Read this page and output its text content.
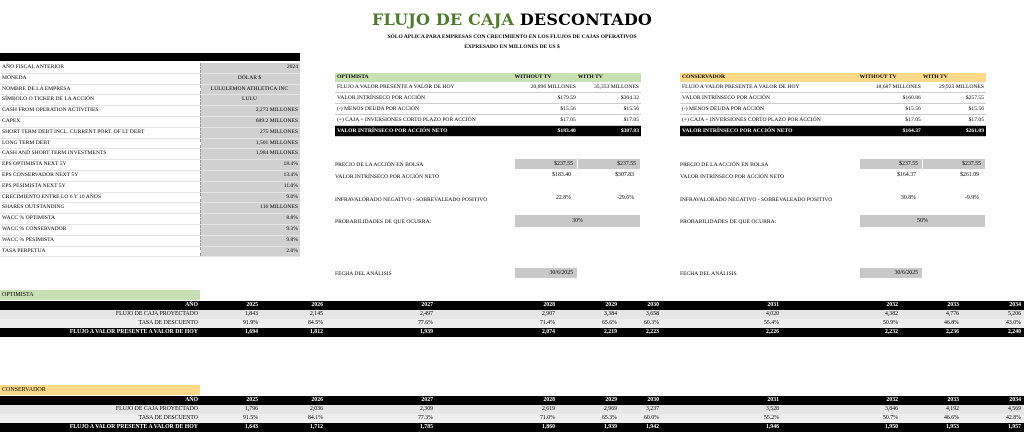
FLUJO DE CAJA DESCONTADO
SÓLO APLICA PARA EMPRESAS CON CRECIMIENTO EN LOS FLUJOS DE CAJAS OPERATIVOS
EXPRESADO EN MILLONES DE US $
AÑO FISCAL ANTERIOR	2024
MONEDA	DÓLAR $
NOMBRE DE LA EMPRESA	LULULEMON ATHLETICA INC
SÍMBOLO O TICKER DE LA ACCIÓN	LULU
CASH FROM OPERATION ACTIVITIES	2,273 MILLONES
CAPEX	689.2 MILLONES
SHORT TERM DEBT INCL. CURRENT PORT. OF LT DEBT	275 MILLONES
LONG TERM DEBT	1,501 MILLONES
CASH AND SHORT TERM INVESTMENTS	1,984 MILLONES
EPS OPTIMISTA NEXT 5Y	18.4%
EPS CONSERVADOR NEXT 5Y	13.4%
EPS PESIMISTA NEXT 5Y	11.0%
CRECIMIENTO ENTRE LO 6 Y 10 AÑOS	9.0%
SHARES OUTSTANDING	116 MILLONES
WACC % OPTIMISTA	8.8%
WACC % CONSERVADOR	9.3%
WACC % PESIMISTA	9.8%
TASA PERPETUA	2.0%
OPTIMISTA	WITHOUT TV	WITH TV
FLUJO A VALOR PRESENTE A VALOR DE HOY	20,896 MILLONES	35,353 MILLONES
VALOR INTRÍNSECO POR ACCIÓN	$179.59	$304.32
(-) MENOS DEUDA POR ACCIÓN	$15.56	$15.56
(+) CAJA + INVERSIONES CORTO PLAZO POR ACCIÓN	$17.05	$17.05
VALOR INTRÍNSECO POR ACCIÓN NETO	$183.40	$307.83
PRECIO DE LA ACCIÓN EN BOLSA	$237.55	$237.55
VALOR INTRÍNSECO POR ACCIÓN NETO	$183.40	$307.83
INFRAVALORADO NEGATIVO - SOBREVALEADO POSITIVO	22.8%	-29.6%
PROBABILIDADES DE QUE OCURRA:	30%
FECHA DEL ANÁLISIS	30/6/2025
CONSERVADOR	WITHOUT TV	WITH TV
FLUJO A VALOR PRESENTE A VALOR DE HOY	18,687 MILLONES	29,923 MILLONES
VALOR INTRÍNSECO POR ACCIÓN	$160.86	$257.55
(-) MENOS DEUDA POR ACCIÓN	$15.56	$15.56
(+) CAJA + INVERSIONES CORTO PLAZO POR ACCIÓN	$17.05	$17.05
VALOR INTRÍNSECO POR ACCIÓN NETO	$164.37	$261.09
PRECIO DE LA ACCIÓN EN BOLSA	$237.55	$237.55
VALOR INTRÍNSECO POR ACCIÓN NETO	$164.37	$261.09
INFRAVALORADO NEGATIVO - SOBREVALEADO POSITIVO	30.8%	-9.9%
PROBABILIDADES DE QUE OCURRA:	50%
FECHA DEL ANÁLISIS	30/6/2025
OPTIMISTA
AÑO	2025	2026	2027	2028	2029	2030	2031	2032	2033	2034
FLUJO DE CAJA PROYECTADO	1,843	2,145	2,497	2,907	3,384	3,658	4,020	4,382	4,776	5,206
TASA DE DESCUENTO	91.9%	84.5%	77.6%	71.4%	65.6%	60.3%	55.4%	50.9%	46.8%	43.0%
FLUJO A VALOR PRESENTE A VALOR DE HOY	1,694	1,812	1,939	2,074	2,219	2,223	2,226	2,232	2,236	2,240
CONSERVADOR
AÑO	2025	2026	2027	2028	2029	2030	2031	2032	2033	2034
FLUJO DE CAJA PROYECTADO	1,796	2,036	2,309	2,619	2,969	3,237	3,528	3,846	4,192	4,569
TASA DE DESCUENTO	91.5%	84.1%	77.3%	71.0%	65.3%	60.0%	55.2%	50.7%	46.6%	42.8%
FLUJO A VALOR PRESENTE A VALOR DE HOY	1,643	1,712	1,785	1,860	1,939	1,942	1,946	1,950	1,953	1,957
